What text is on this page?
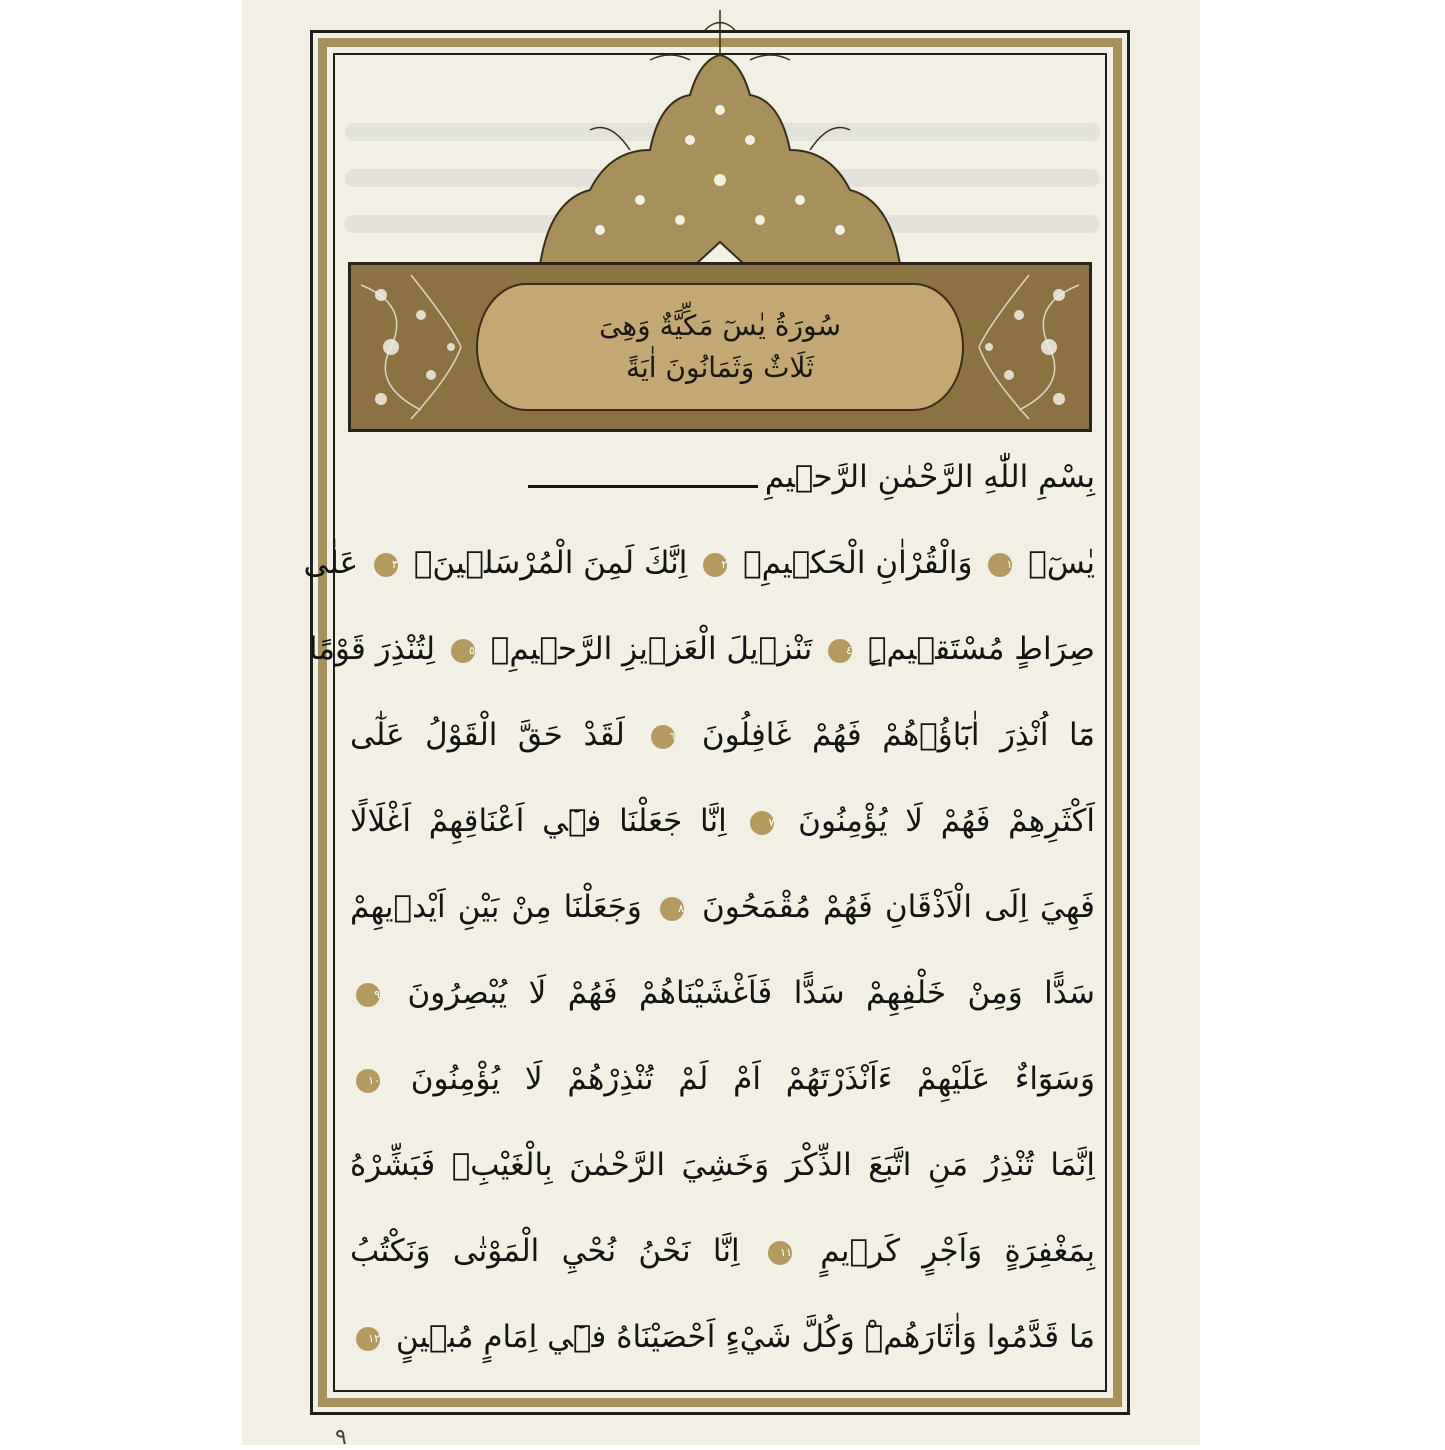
سُورَةُ يٰسٓ مَكِّيَّةٌ وَهِىَ
ثَلَاثٌ وَثَمَانُونَ اٰيَةً
بِسْمِ اللّٰهِ الرَّحْمٰنِ الرَّح۪يمِ
يٰسٓۜ ١ وَالْقُرْاٰنِ الْحَك۪يمِۙ ٢ اِنَّكَ لَمِنَ الْمُرْسَل۪ينَۙ ٣ عَلٰى
صِرَاطٍ مُسْتَق۪يمٍۜ ٤ تَنْز۪يلَ الْعَز۪يزِ الرَّح۪يمِۙ ٥ لِتُنْذِرَ قَوْمًا
مَٓا اُنْذِرَ اٰبَٓاؤُ۬هُمْ فَهُمْ غَافِلُونَ ٦ لَقَدْ حَقَّ الْقَوْلُ عَلٰٓى
اَكْثَرِهِمْ فَهُمْ لَا يُؤْمِنُونَ ٧ اِنَّا جَعَلْنَا ف۪ٓي اَعْنَاقِهِمْ اَغْلَالًا
فَهِيَ اِلَى الْاَذْقَانِ فَهُمْ مُقْمَحُونَ ٨ وَجَعَلْنَا مِنْ بَيْنِ اَيْد۪يهِمْ
سَدًّا وَمِنْ خَلْفِهِمْ سَدًّا فَاَغْشَيْنَاهُمْ فَهُمْ لَا يُبْصِرُونَ ٩
وَسَوَٓاءٌ عَلَيْهِمْ ءَاَنْذَرْتَهُمْ اَمْ لَمْ تُنْذِرْهُمْ لَا يُؤْمِنُونَ ١٠
اِنَّمَا تُنْذِرُ مَنِ اتَّبَعَ الذِّكْرَ وَخَشِيَ الرَّحْمٰنَ بِالْغَيْبِۚ فَبَشِّرْهُ
بِمَغْفِرَةٍ وَاَجْرٍ كَر۪يمٍ ١١ اِنَّا نَحْنُ نُحْيِ الْمَوْتٰى وَنَكْتُبُ
مَا قَدَّمُوا وَاٰثَارَهُمْۜ وَكُلَّ شَيْءٍ اَحْصَيْنَاهُ ف۪ٓي اِمَامٍ مُب۪ينٍ ١٢
٩
